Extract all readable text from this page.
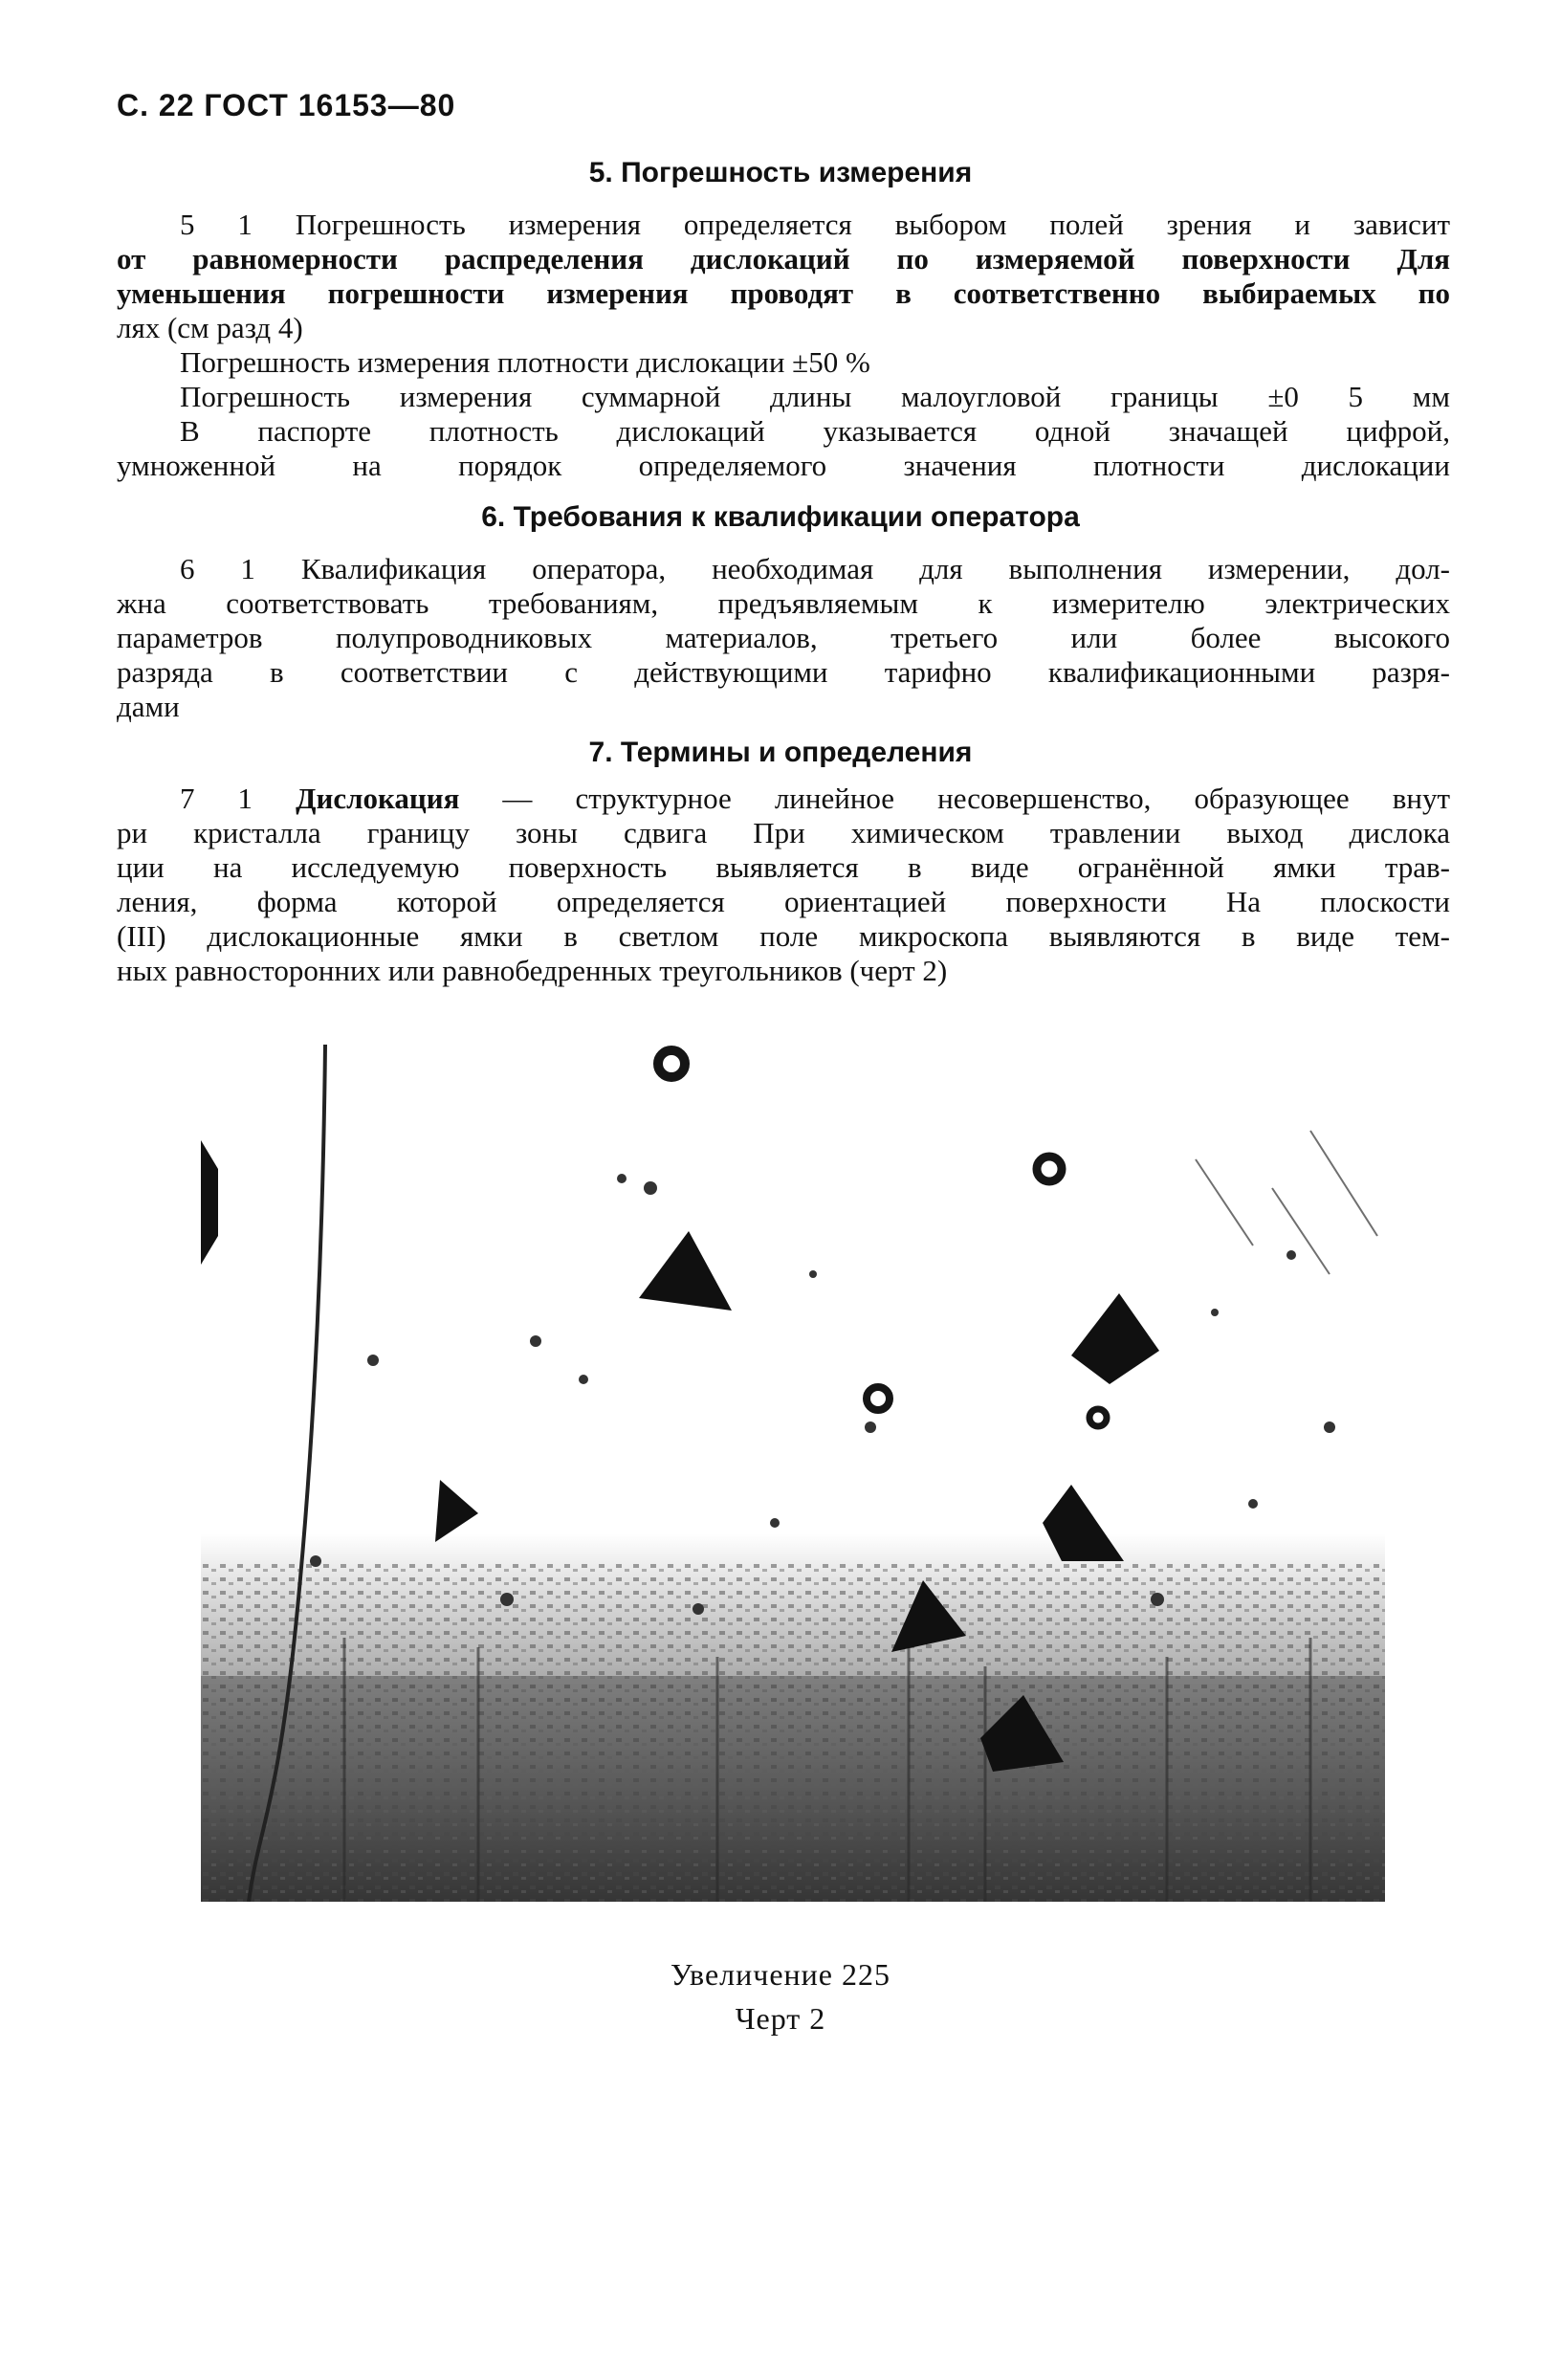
С. 22 ГОСТ 16153—80
5. Погрешность измерения
5 1 Погрешность измерения определяется выбором полей зрения и зависит
от равномерности распределения дислокаций по измеряемой поверхности Для
уменьшения погрешности измерения проводят в соответственно выбираемых по
лях (см разд 4)
Погрешность измерения плотности дислокации ±50 %
Погрешность измерения суммарной длины малоугловой границы ±0 5 мм
В паспорте плотность дислокаций указывается одной значащей цифрой,
умноженной на порядок определяемого значения плотности дислокации
6. Требования к квалификации оператора
6 1 Квалификация оператора, необходимая для выполнения измерении, дол-
жна соответствовать требованиям, предъявляемым к измерителю электрических
параметров полупроводниковых материалов, третьего или более высокого
разряда в соответствии с действующими тарифно квалификационными разря-
дами
7. Термины и определения
7 1 Дислокация — структурное линейное несовершенство, образующее внут
ри кристалла границу зоны сдвига При химическом травлении выход дислока
ции на исследуемую поверхность выявляется в виде огранённой ямки трав-
ления, форма которой определяется ориентацией поверхности На плоскости
(III) дислокационные ямки в светлом поле микроскопа выявляются в виде тем-
ных равносторонних или равнобедренных треугольников (черт 2)
Увеличение 225
Черт 2
